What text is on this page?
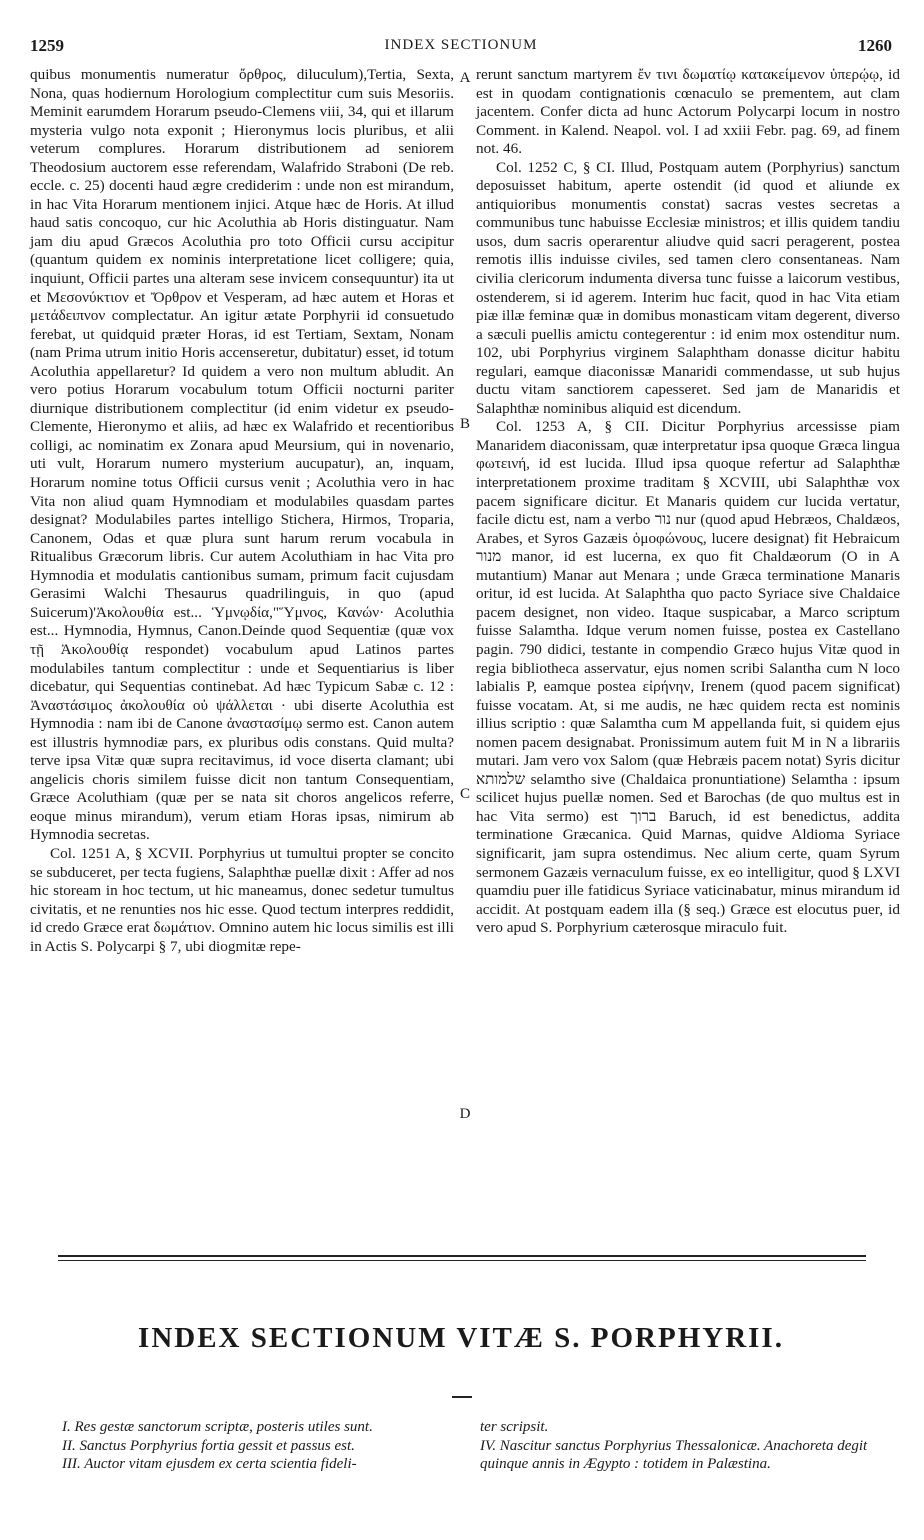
1259	INDEX SECTIONUM	1260

quibus monumentis numeratur ὄρθρος, diluculum),Tertia, Sexta, Nona, quas hodiernum Horologium complectitur cum suis Mesoriis. Meminit earumdem Horarum pseudo-Clemens viii, 34, qui et illarum mysteria vulgo nota exponit ; Hieronymus locis pluribus, et alii veterum complures. Horarum distributionem ad seniorem Theodosium auctorem esse referendam, Walafrido Straboni (De reb. eccle. c. 25) docenti haud ægre crediderim : unde non est mirandum, in hac Vita Horarum mentionem injici. Atque hæc de Horis. At illud haud satis concoquo, cur hic Acoluthia ab Horis distinguatur. Nam jam diu apud Græcos Acoluthia pro toto Officii cursu accipitur (quantum quidem ex nominis interpretatione licet colligere; quia, inquiunt, Officii partes una alteram sese invicem consequuntur) ita ut et Μεσονύκτιον et Ὄρθρον et Vesperam, ad hæc autem et Horas et μετάδειπνον complectatur. An igitur ætate Porphyrii id consuetudo ferebat, ut quidquid præter Horas, id est Tertiam, Sextam, Nonam (nam Prima utrum initio Horis accenseretur, dubitatur) esset, id totum Acoluthia appellaretur? Id quidem a vero non multum abludit. An vero potius Horarum vocabulum totum Officii nocturni pariter diurnique distributionem complectitur (id enim videtur ex pseudo-Clemente, Hieronymo et aliis, ad hæc ex Walafrido et recentioribus colligi, ac nominatim ex Zonara apud Meursium, qui in novenario, uti vult, Horarum numero mysterium aucupatur), an, inquam, Horarum nomine totus Officii cursus venit ; Acoluthia vero in hac Vita non aliud quam Hymnodiam et modulabiles quasdam partes designat? Modulabiles partes intelligo Stichera, Hirmos, Troparia, Canonem, Odas et quæ plura sunt harum rerum vocabula in Ritualibus Græcorum libris. Cur autem Acoluthiam in hac Vita pro Hymnodia et modulatis cantionibus sumam, primum facit cujusdam Gerasimi Walchi Thesaurus quadrilinguis, in quo (apud Suicerum)'Ἀκολουθία est... Ὑμνῳδία,"Ὕμνος, Κανών· Acoluthia est... Hymnodia, Hymnus, Canon.Deinde quod Sequentiæ (quæ vox τῇ Ἀκολουθίᾳ respondet) vocabulum apud Latinos partes modulabiles tantum complectitur : unde et Sequentiarius is liber dicebatur, qui Sequentias continebat. Ad hæc Typicum Sabæ c. 12 : Ἀναστάσιμος ἀκολουθία οὐ ψάλλεται · ubi diserte Acoluthia est Hymnodia : nam ibi de Canone ἀναστασίμῳ sermo est. Canon autem est illustris hymnodiæ pars, ex pluribus odis constans. Quid multa? terve ipsa Vitæ quæ supra recitavimus, id voce diserta clamant; ubi angelicis choris similem fuisse dicit non tantum Consequentiam, Græce Acoluthiam (quæ per se nata sit choros angelicos referre, eoque minus mirandum), verum etiam Horas ipsas, nimirum ab Hymnodia secretas.

Col. 1251 A, § XCVII. Porphyrius ut tumultui propter se concito se subduceret, per tecta fugiens, Salaphthæ puellæ dixit : Affer ad nos hic stoream in hoc tectum, ut hic maneamus, donec sedetur tumultus civitatis, et ne renunties nos hic esse. Quod tectum interpres reddidit, id credo Græce erat δωμάτιον. Omnino autem hic locus similis est illi in Actis S. Polycarpi § 7, ubi diogmitæ repe-

A
B
C
D

rerunt sanctum martyrem ἔν τινι δωματίῳ κατακείμενον ὑπερῴῳ, id est in quodam contignationis cœnaculo se prementem, aut clam jacentem. Confer dicta ad hunc Actorum Polycarpi locum in nostro Comment. in Kalend. Neapol. vol. I ad xxiii Febr. pag. 69, ad finem not. 46.

Col. 1252 C, § CI. Illud, Postquam autem (Porphyrius) sanctum deposuisset habitum, aperte ostendit (id quod et aliunde ex antiquioribus monumentis constat) sacras vestes secretas a communibus tunc habuisse Ecclesiæ ministros; et illis quidem tandiu usos, dum sacris operarentur aliudve quid sacri peragerent, postea remotis illis induisse civiles, sed tamen clero consentaneas. Nam civilia clericorum indumenta diversa tunc fuisse a laicorum vestibus, ostenderem, si id agerem. Interim huc facit, quod in hac Vita etiam piæ illæ feminæ quæ in domibus monasticam vitam degerent, diverso a sæculi puellis amictu contegerentur : id enim mox ostenditur num. 102, ubi Porphyrius virginem Salaphtham donasse dicitur habitu regulari, eamque diaconissæ Manaridi commendasse, ut sub hujus ductu vitam sanctiorem capesseret. Sed jam de Manaridis et Salaphthæ nominibus aliquid est dicendum.

Col. 1253 A, § CII. Dicitur Porphyrius arcessisse piam Manaridem diaconissam, quæ interpretatur ipsa quoque Græca lingua φωτεινή, id est lucida. Illud ipsa quoque refertur ad Salaphthæ interpretationem proxime traditam § XCVIII, ubi Salaphthæ vox pacem significare dicitur. Et Manaris quidem cur lucida vertatur, facile dictu est, nam a verbo נור nur (quod apud Hebræos, Chaldæos, Arabes, et Syros Gazæis ὁμοφώνους, lucere designat) fit Hebraicum מנור manor, id est lucerna, ex quo fit Chaldæorum (O in A mutantium) Manar aut Menara ; unde Græca terminatione Manaris oritur, id est lucida. At Salaphtha quo pacto Syriace sive Chaldaice pacem designet, non video. Itaque suspicabar, a Marco scriptum fuisse Salamtha. Idque verum nomen fuisse, postea ex Castellano pagin. 790 didici, testante in compendio Græco hujus Vitæ quod in regia bibliotheca asservatur, ejus nomen scribi Salantha cum N loco labialis P, eamque postea εἰρήνην, Irenem (quod pacem significat) fuisse vocatam. At, si me audis, ne hæc quidem recta est nominis illius scriptio : quæ Salamtha cum M appellanda fuit, si quidem ejus nomen pacem designabat. Pronissimum autem fuit M in N a librariis mutari. Jam vero vox Salom (quæ Hebræis pacem notat) Syris dicitur שלמותא selamtho sive (Chaldaica pronuntiatione) Selamtha : ipsum scilicet hujus puellæ nomen. Sed et Barochas (de quo multus est in hac Vita sermo) est ברוך Baruch, id est benedictus, addita terminatione Græcanica. Quid Marnas, quidve Aldioma Syriace significarit, jam supra ostendimus. Nec alium certe, quam Syrum sermonem Gazæis vernaculum fuisse, ex eo intelligitur, quod § LXVI quamdiu puer ille fatidicus Syriace vaticinabatur, minus mirandum id accidit. At postquam eadem illa (§ seq.) Græce est elocutus puer, id vero apud S. Porphyrium cæterosque miraculo fuit.

INDEX SECTIONUM VITÆ S. PORPHYRII.

I. Res gestæ sanctorum scriptæ, posteris utiles sunt.

II. Sanctus Porphyrius fortia gessit et passus est.

III. Auctor vitam ejusdem ex certa scientia fideli-

ter scripsit.

IV. Nascitur sanctus Porphyrius Thessalonicæ. Anachoreta degit quinque annis in Ægypto : totidem in Palæstina.
